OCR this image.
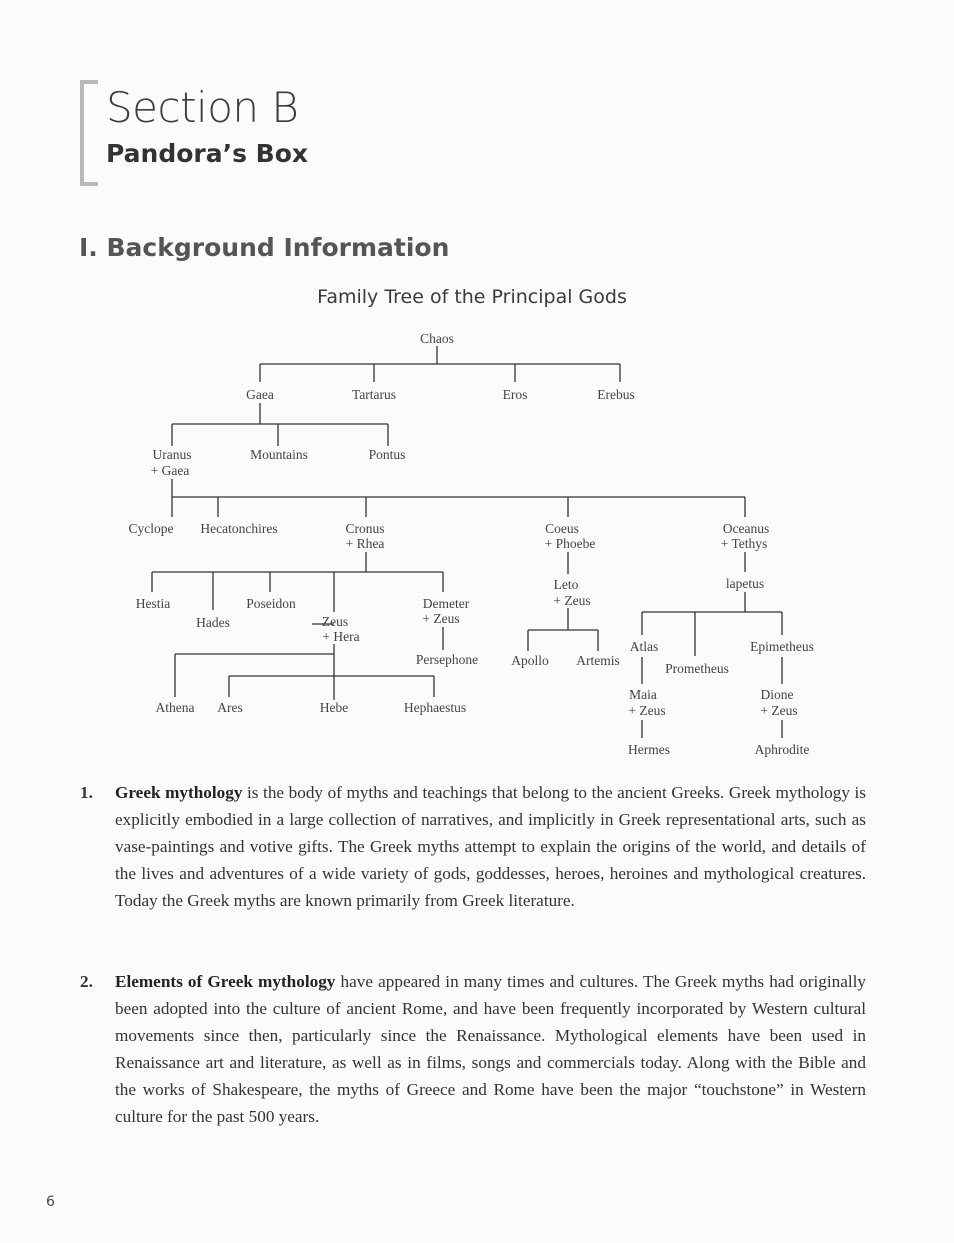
Section B
Pandora’s Box
I. Background Information
Family Tree of the Principal Gods
Chaos
Gaea	Tartarus	Eros	Erebus
Uranus
+ Gaea
Mountains	Pontus
Cyclope Hecatonchires	Cronus
+ Rhea
Coeus
+ Phoebe
Oceanus
+ Tethys
Hestia
Hades
Poseidon
Zeus
+ Hera
Demeter
+ Zeus
Persephone
Leto
+ Zeus
Apollo Artemis
lapetus
Atlas
Prometheus
Epimetheus
Athena Ares	Hebe	Hephaestus
Maia
+ Zeus
Dione
+ Zeus
Hermes	Aphrodite
1.	Greek mythology is the body of myths and teachings that belong to the ancient Greeks. Greek mythology is explicitly embodied in a large collection of narratives, and implicitly in Greek representational arts, such as vase-paintings and votive gifts. The Greek myths attempt to explain the origins of the world, and details of the lives and adventures of a wide variety of gods, goddesses, heroes, heroines and mythological creatures. Today the Greek myths are known primarily from Greek literature.

2.	Elements of Greek mythology have appeared in many times and cultures. The Greek myths had originally been adopted into the culture of ancient Rome, and have been frequently incorporated by Western cultural movements since then, particularly since the Renaissance. Mythological elements have been used in Renaissance art and literature, as well as in films, songs and commercials today. Along with the Bible and the works of Shakespeare, the myths of Greece and Rome have been the major “touchstone” in Western culture for the past 500 years.

6
